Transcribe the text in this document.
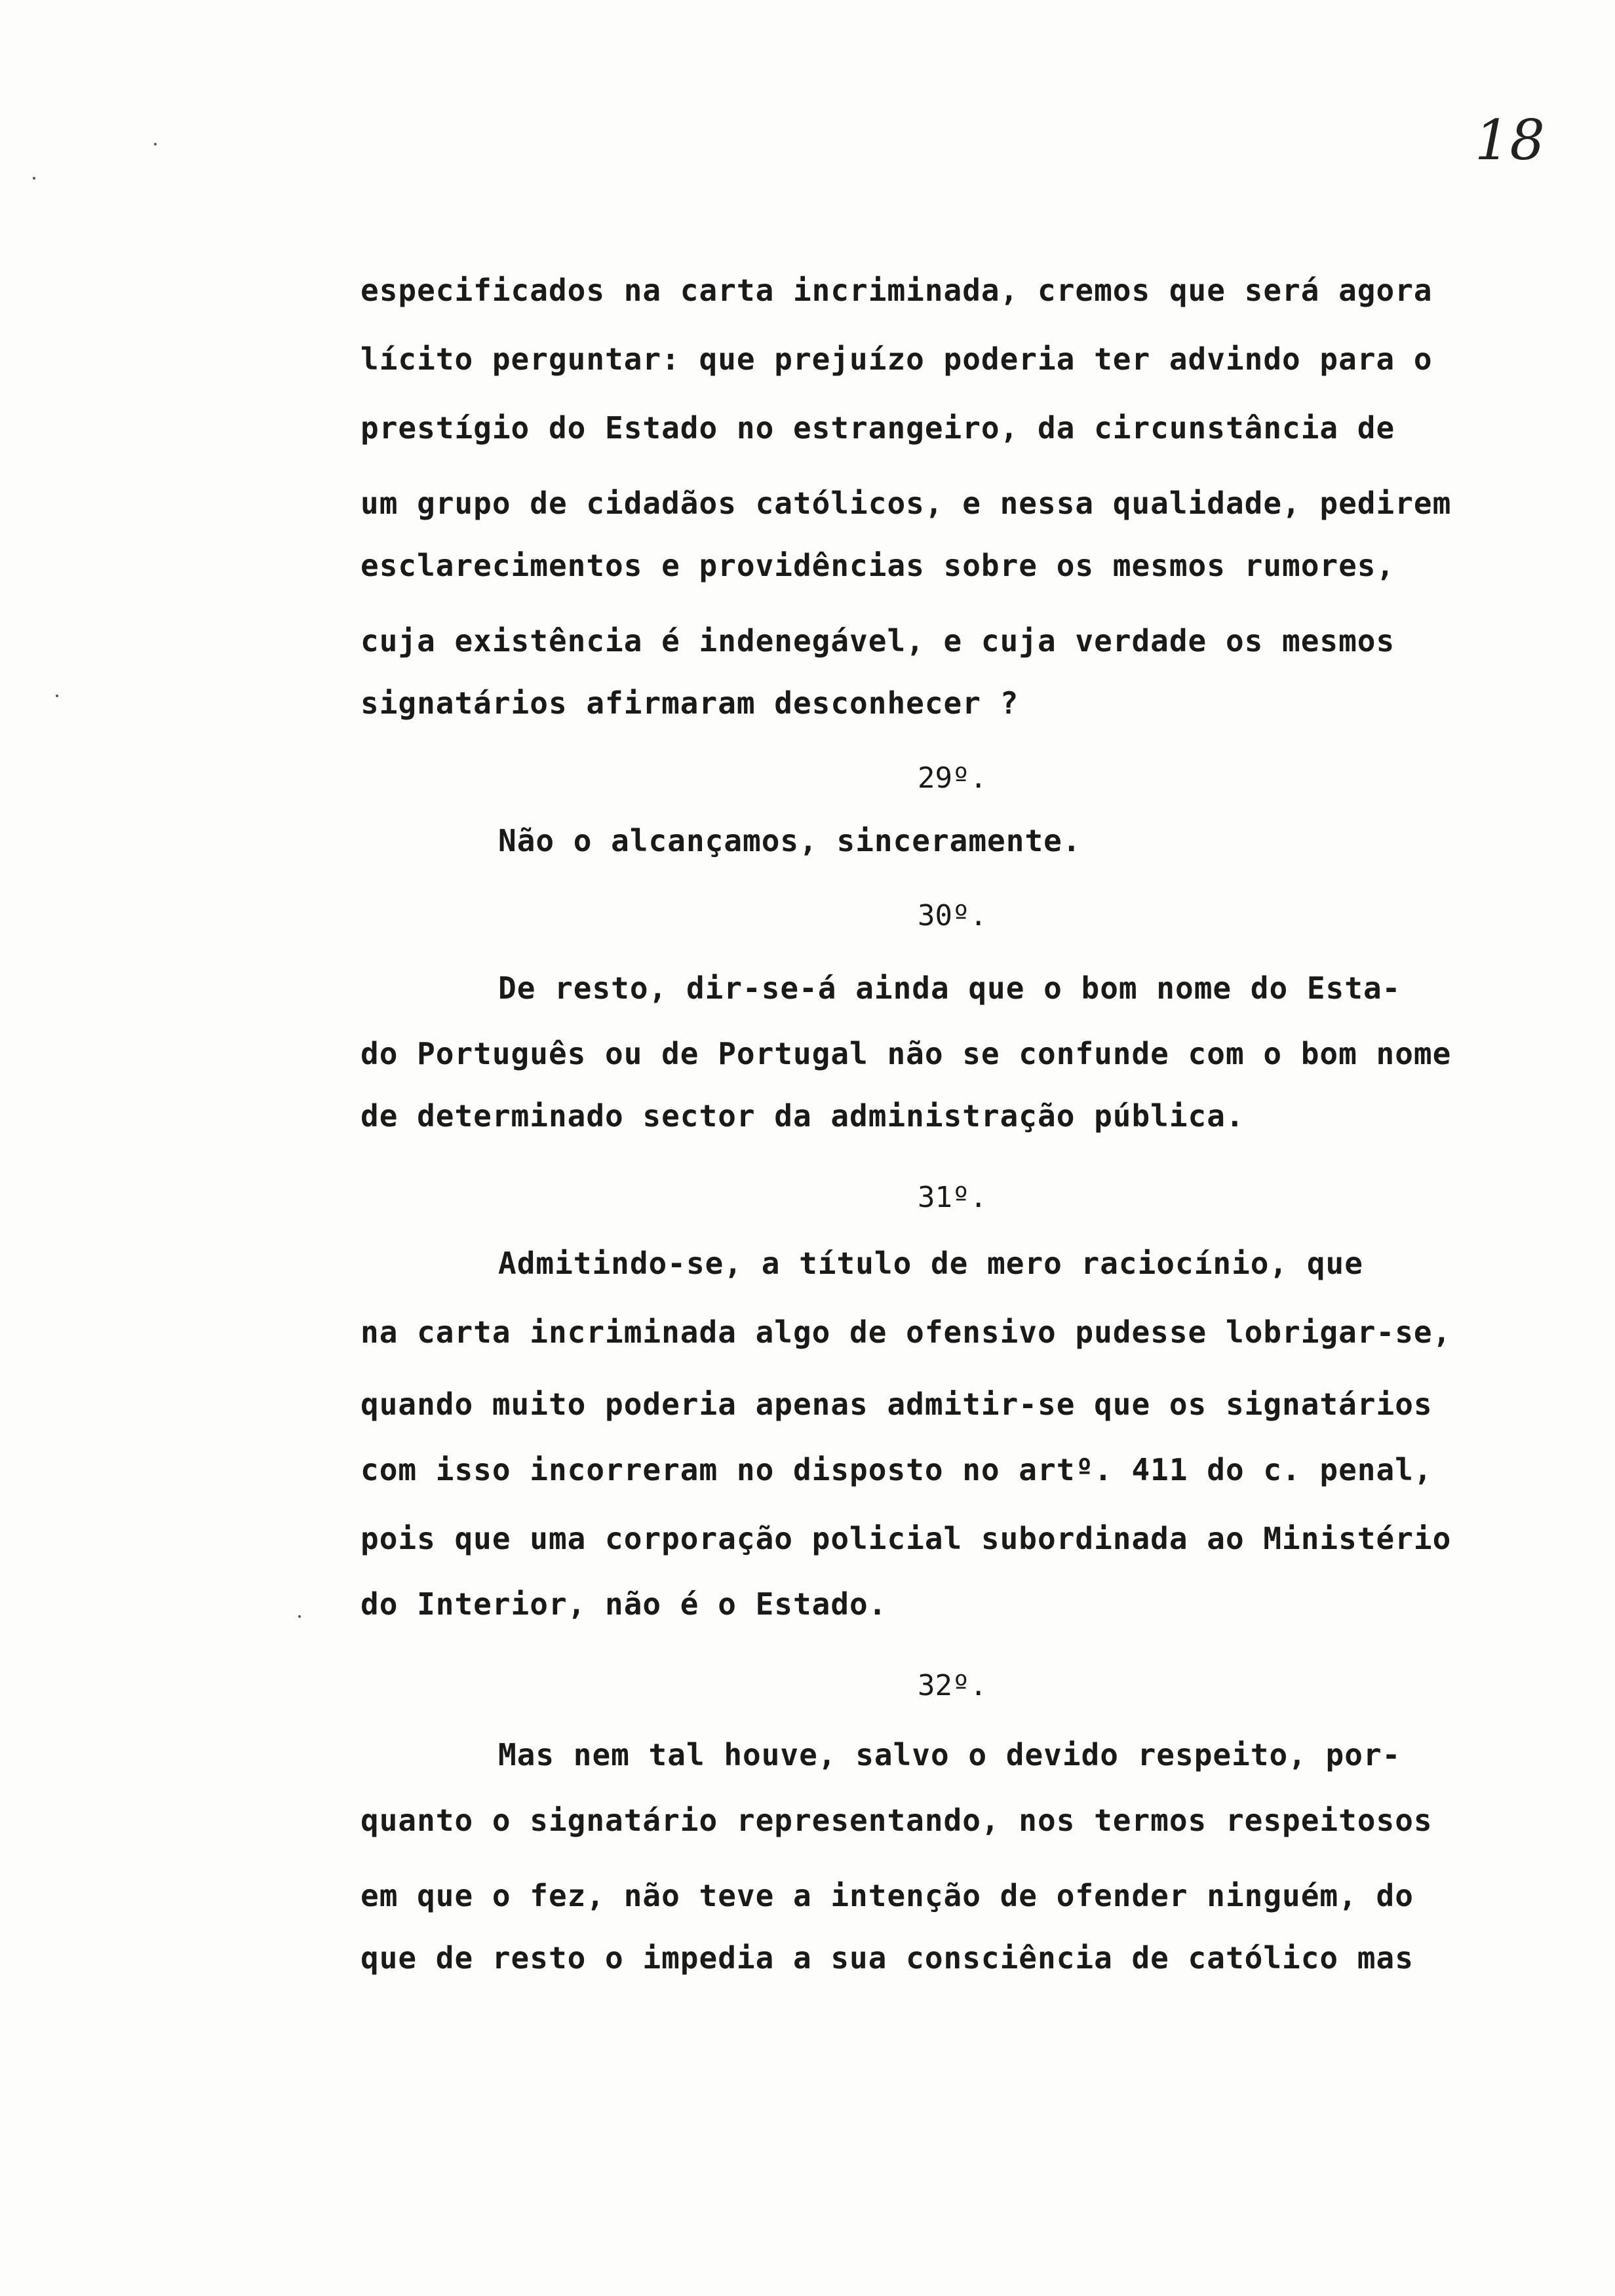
18
especificados na carta incriminada, cremos que será agora
lícito perguntar: que prejuízo poderia ter advindo para o
prestígio do Estado no estrangeiro, da circunstância de
um grupo de cidadãos católicos, e nessa qualidade, pedirem
esclarecimentos e providências sobre os mesmos rumores,
cuja existência é indenegável, e cuja verdade os mesmos
signatários afirmaram desconhecer ?
29º.
Não o alcançamos, sinceramente.
30º.
De resto, dir-se-á ainda que o bom nome do Esta-
do Português ou de Portugal não se confunde com o bom nome
de determinado sector da administração pública.
31º.
Admitindo-se, a título de mero raciocínio, que
na carta incriminada algo de ofensivo pudesse lobrigar-se,
quando muito poderia apenas admitir-se que os signatários
com isso incorreram no disposto no artº. 411 do c. penal,
pois que uma corporação policial subordinada ao Ministério
do Interior, não é o Estado.
32º.
Mas nem tal houve, salvo o devido respeito, por-
quanto o signatário representando, nos termos respeitosos
em que o fez, não teve a intenção de ofender ninguém, do
que de resto o impedia a sua consciência de católico mas
